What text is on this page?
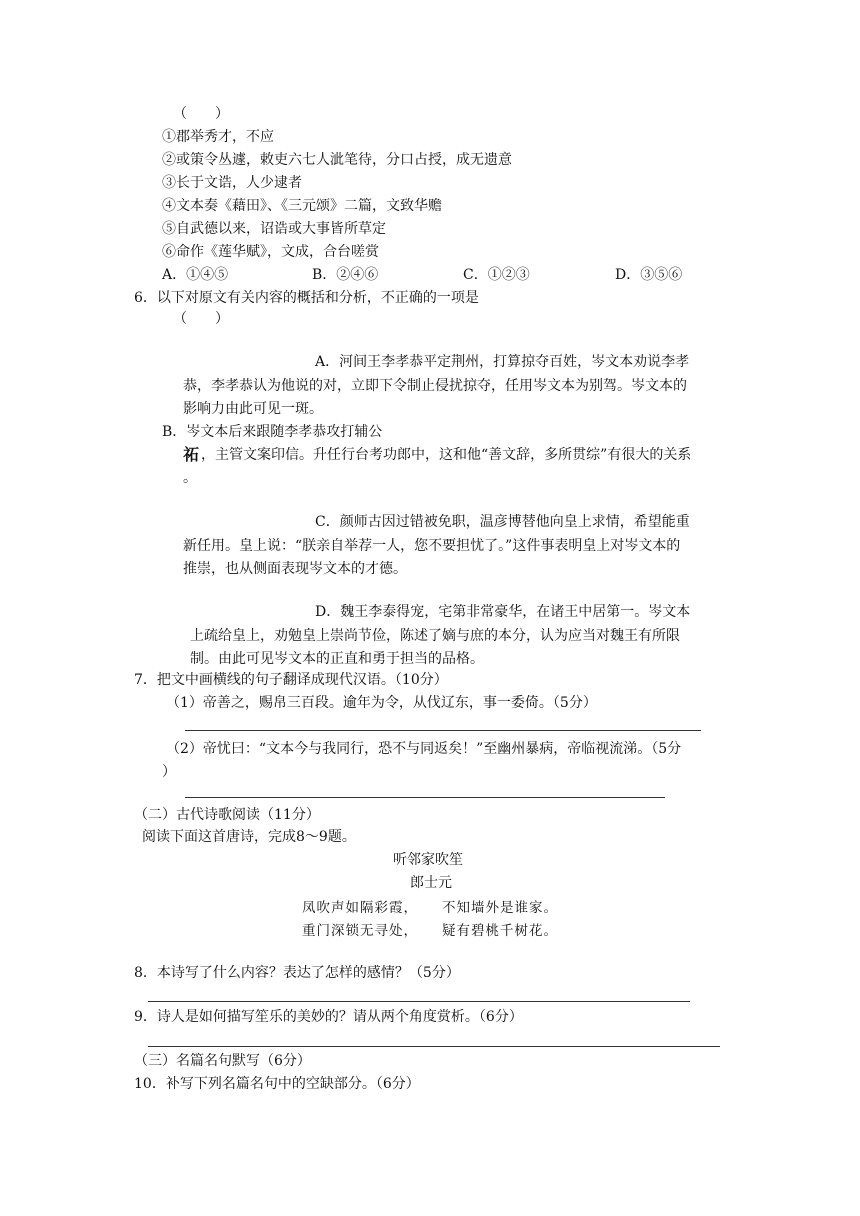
（　　）
①郡举秀才，不应
②或策令丛遽，敕吏六七人泚笔待，分口占授，成无遗意
③长于文诰，人少逮者
④文本奏《藉田》、《三元颂》二篇，文致华赡
⑤自武德以来，诏诰或大事皆所草定
⑥命作《莲华赋》，文成，合台嗟赏
A．①④⑤	B．②④⑥	C．①②③	D．③⑤⑥
6．以下对原文有关内容的概括和分析，不正确的一项是
（　　）
A．河间王李孝恭平定荆州，打算掠夺百姓，岑文本劝说李孝
恭，李孝恭认为他说的对，立即下令制止侵扰掠夺，任用岑文本为别驾。岑文本的
影响力由此可见一斑。
B．岑文本后来跟随李孝恭攻打辅公
祏 ，主管文案印信。升任行台考功郎中，这和他“善文辞，多所贯综”有很大的关系
。
C．颜师古因过错被免职，温彦博替他向皇上求情，希望能重
新任用。皇上说：“朕亲自举荐一人，您不要担忧了。”这件事表明皇上对岑文本的
推崇，也从侧面表现岑文本的才德。
D．魏王李泰得宠，宅第非常豪华，在诸王中居第一。岑文本
上疏给皇上，劝勉皇上崇尚节俭，陈述了嫡与庶的本分，认为应当对魏王有所限
制。由此可见岑文本的正直和勇于担当的品格。
7．把文中画横线的句子翻译成现代汉语。（10分）
（1）帝善之，赐帛三百段。逾年为令，从伐辽东，事一委倚。（5分）
（2）帝忧曰：“文本今与我同行，恐不与同返矣！”至幽州暴病，帝临视流涕。（5分
）
（二）古代诗歌阅读（11分）
阅读下面这首唐诗，完成8～9题。
听邻家吹笙
郎士元
凤吹声如隔彩霞， 不知墙外是谁家。
重门深锁无寻处， 疑有碧桃千树花。
8．本诗写了什么内容？表达了怎样的感情？（5分）
9．诗人是如何描写笙乐的美妙的？请从两个角度赏析。（6分）
（三）名篇名句默写（6分）
10．补写下列名篇名句中的空缺部分。（6分）
